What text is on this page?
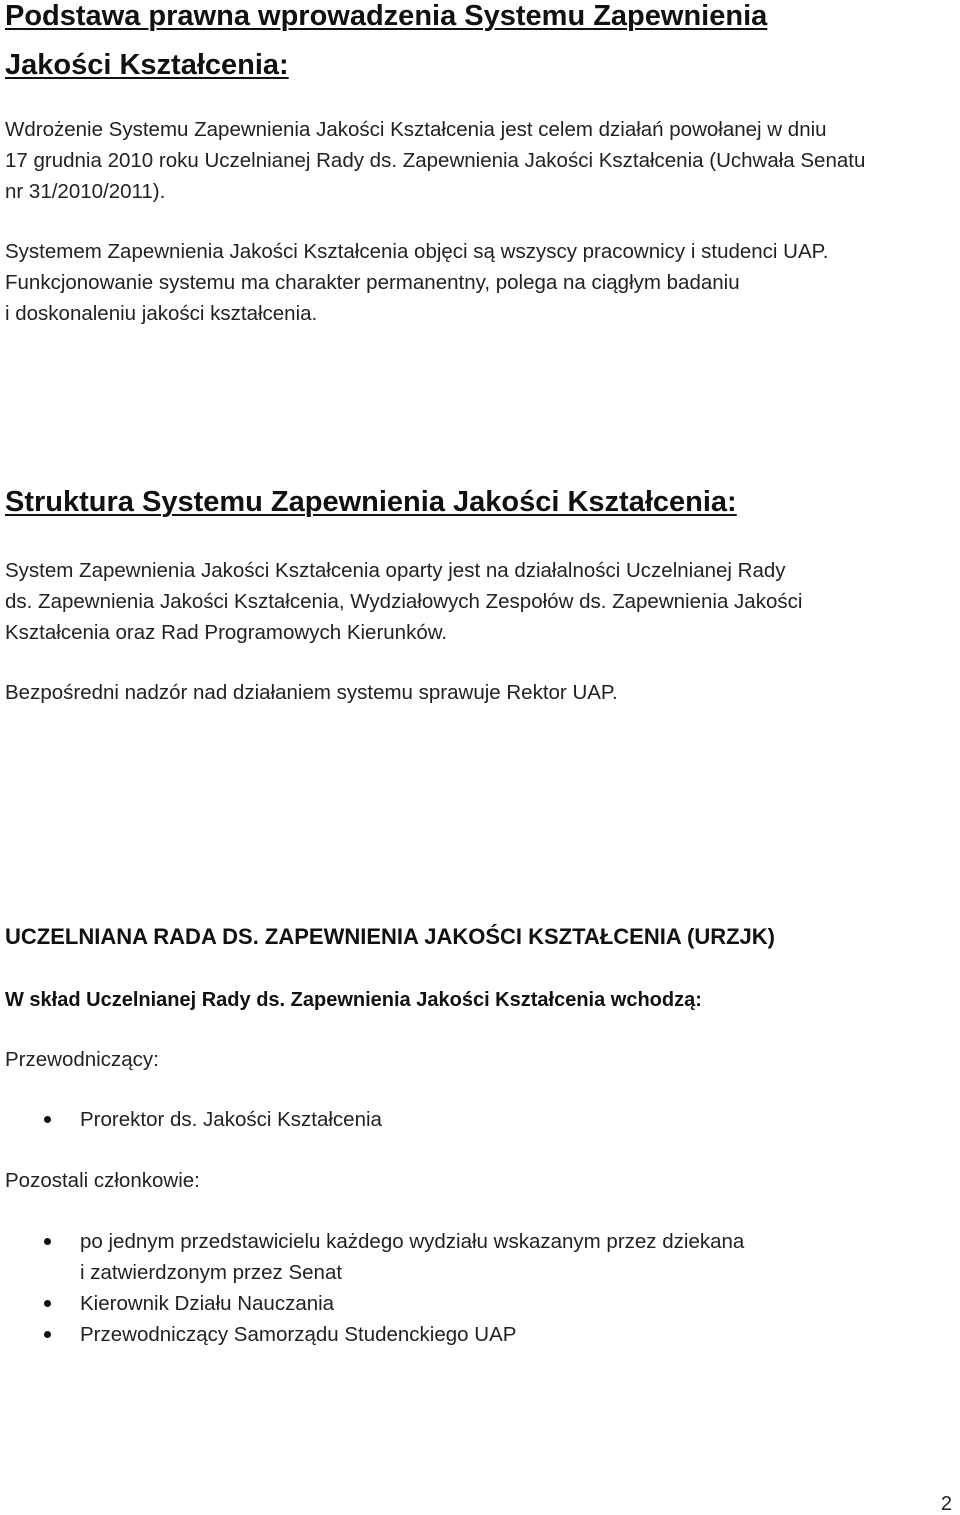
Podstawa prawna wprowadzenia Systemu Zapewnienia
Jakości Kształcenia:
Wdrożenie Systemu Zapewnienia Jakości Kształcenia jest celem działań powołanej w dniu
17 grudnia 2010 roku Uczelnianej Rady ds. Zapewnienia Jakości Kształcenia (Uchwała Senatu
nr 31/2010/2011).
Systemem Zapewnienia Jakości Kształcenia objęci są wszyscy pracownicy i studenci UAP.
Funkcjonowanie systemu ma charakter permanentny, polega na ciągłym badaniu
i doskonaleniu jakości kształcenia.
Struktura Systemu Zapewnienia Jakości Kształcenia:
System Zapewnienia Jakości Kształcenia oparty jest na działalności Uczelnianej Rady
ds. Zapewnienia Jakości Kształcenia, Wydziałowych Zespołów ds. Zapewnienia Jakości
Kształcenia oraz Rad Programowych Kierunków.
Bezpośredni nadzór nad działaniem systemu sprawuje Rektor UAP.
UCZELNIANA RADA DS. ZAPEWNIENIA JAKOŚCI KSZTAŁCENIA (URZJK)
W skład Uczelnianej Rady ds. Zapewnienia Jakości Kształcenia wchodzą:
Przewodniczący:
Prorektor ds. Jakości Kształcenia
Pozostali członkowie:
po jednym przedstawicielu każdego wydziału wskazanym przez dziekana
i zatwierdzonym przez Senat
Kierownik Działu Nauczania
Przewodniczący Samorządu Studenckiego UAP
2
